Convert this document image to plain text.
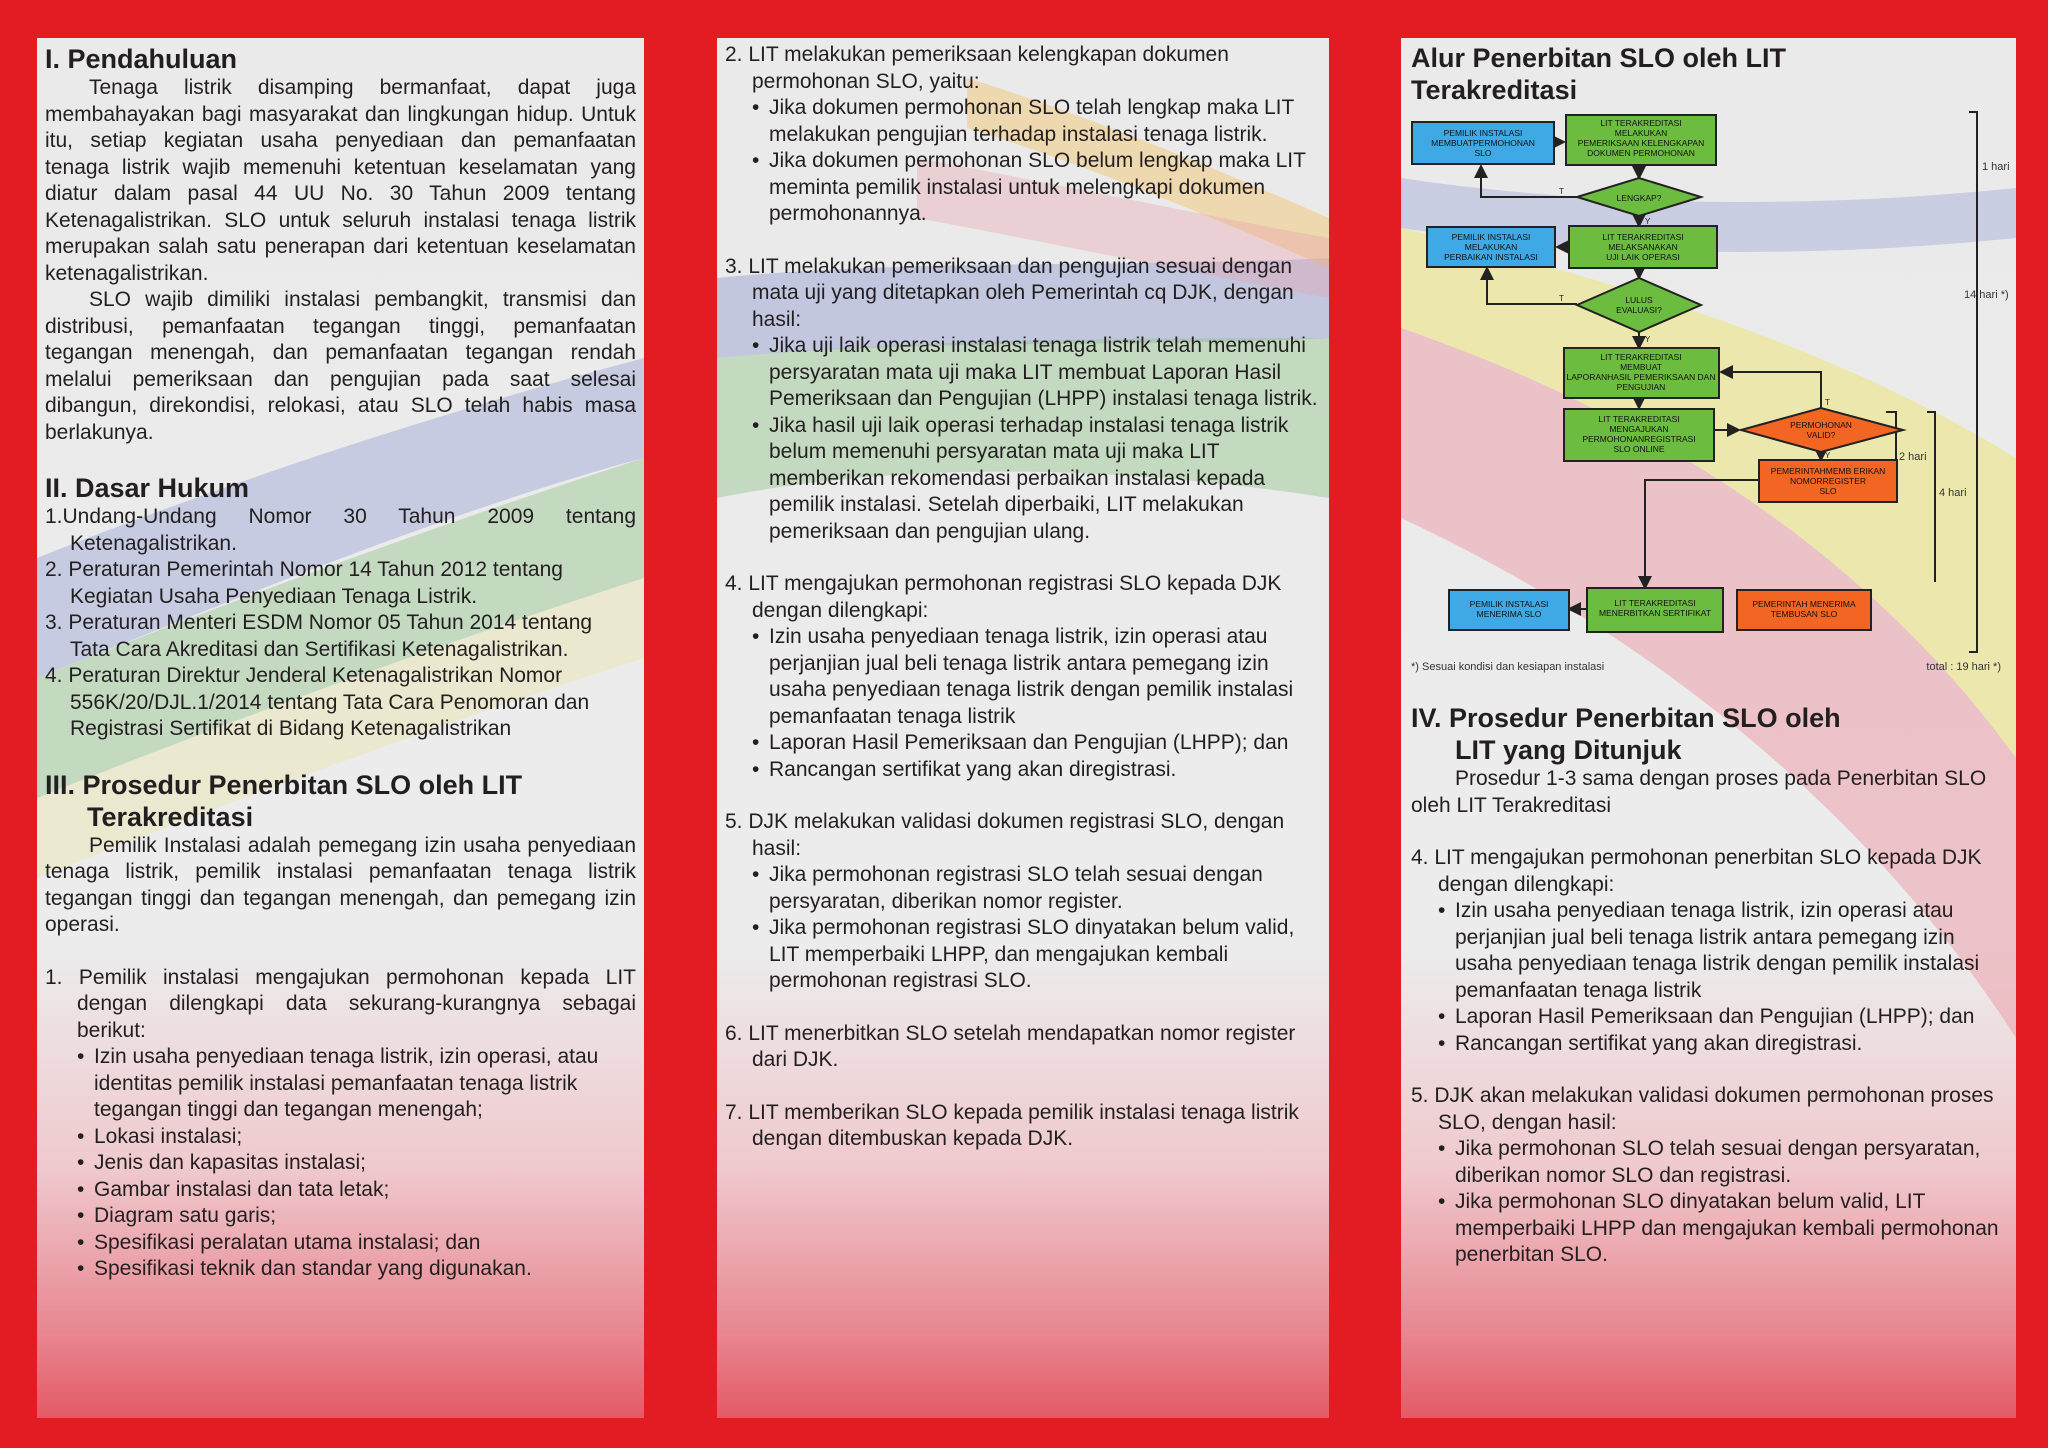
I. Pendahuluan

Tenaga listrik disamping bermanfaat, dapat juga membahayakan bagi masyarakat dan lingkungan hidup. Untuk itu, setiap kegiatan usaha penyediaan dan pemanfaatan tenaga listrik wajib memenuhi ketentuan keselamatan yang diatur dalam pasal 44 UU No. 30 Tahun 2009 tentang Ketenagalistrikan. SLO untuk seluruh instalasi tenaga listrik merupakan salah satu penerapan dari ketentuan keselamatan ketenagalistrikan.

SLO wajib dimiliki instalasi pembangkit, transmisi dan distribusi, pemanfaatan tegangan tinggi, pemanfaatan tegangan menengah, dan pemanfaatan tegangan rendah melalui pemeriksaan dan pengujian pada saat selesai dibangun, direkondisi, relokasi, atau SLO telah habis masa berlakunya.

II. Dasar Hukum
1.Undang-Undang Nomor 30 Tahun 2009 tentang Ketenagalistrikan.
2. Peraturan Pemerintah Nomor 14 Tahun 2012 tentang Kegiatan Usaha Penyediaan Tenaga Listrik.
3. Peraturan Menteri ESDM Nomor 05 Tahun 2014 tentang Tata Cara Akreditasi dan Sertifikasi Ketenagalistrikan.
4. Peraturan Direktur Jenderal Ketenagalistrikan Nomor 556K/20/DJL.1/2014 tentang Tata Cara Penomoran dan Registrasi Sertifikat di Bidang Ketenagalistrikan
III. Prosedur Penerbitan SLO oleh LIT
Terakreditasi

Pemilik Instalasi adalah pemegang izin usaha penyediaan tenaga listrik, pemilik instalasi pemanfaatan tenaga listrik tegangan tinggi dan tegangan menengah, dan pemegang izin operasi.

1. Pemilik instalasi mengajukan permohonan kepada LIT dengan dilengkapi data sekurang-kurangnya sebagai berikut:

• Izin usaha penyediaan tenaga listrik, izin operasi, atau identitas pemilik instalasi pemanfaatan tenaga listrik tegangan tinggi dan tegangan menengah;
• Lokasi instalasi;
• Jenis dan kapasitas instalasi;
• Gambar instalasi dan tata letak;
• Diagram satu garis;
• Spesifikasi peralatan utama instalasi; dan
• Spesifikasi teknik dan standar yang digunakan.

2. LIT melakukan pemeriksaan kelengkapan dokumen permohonan SLO, yaitu:

• Jika dokumen permohonan SLO telah lengkap maka LIT melakukan pengujian terhadap instalasi tenaga listrik.
• Jika dokumen permohonan SLO belum lengkap maka LIT meminta pemilik instalasi untuk melengkapi dokumen permohonannya.

3. LIT melakukan pemeriksaan dan pengujian sesuai dengan mata uji yang ditetapkan oleh Pemerintah cq DJK, dengan hasil:

• Jika uji laik operasi instalasi tenaga listrik telah memenuhi persyaratan mata uji maka LIT membuat Laporan Hasil Pemeriksaan dan Pengujian (LHPP) instalasi tenaga listrik.
• Jika hasil uji laik operasi terhadap instalasi tenaga listrik belum memenuhi persyaratan mata uji maka LIT memberikan rekomendasi perbaikan instalasi kepada pemilik instalasi. Setelah diperbaiki, LIT melakukan pemeriksaan dan pengujian ulang.

4. LIT mengajukan permohonan registrasi SLO kepada DJK dengan dilengkapi:

• Izin usaha penyediaan tenaga listrik, izin operasi atau perjanjian jual beli tenaga listrik antara pemegang izin usaha penyediaan tenaga listrik dengan pemilik instalasi pemanfaatan tenaga listrik
• Laporan Hasil Pemeriksaan dan Pengujian (LHPP); dan
• Rancangan sertifikat yang akan diregistrasi.

5. DJK melakukan validasi dokumen registrasi SLO, dengan hasil:

• Jika permohonan registrasi SLO telah sesuai dengan persyaratan, diberikan nomor register.
• Jika permohonan registrasi SLO dinyatakan belum valid, LIT memperbaiki LHPP, dan mengajukan kembali permohonan registrasi SLO.

6. LIT menerbitkan SLO setelah mendapatkan nomor register dari DJK.

7. LIT memberikan SLO kepada pemilik instalasi tenaga listrik dengan ditembuskan kepada DJK.

Alur Penerbitan SLO oleh LIT
Terakreditasi
PEMILIK INSTALASI
MEMBUATPERMOHONAN
SLO
LIT TERAKREDITASI
MELAKUKAN
PEMERIKSAAN KELENGKAPAN
DOKUMEN PERMOHONAN
LENGKAP?
PEMILIK INSTALASI
MELAKUKAN
PERBAIKAN INSTALASI
LIT TERAKREDITASI
MELAKSANAKAN
UJI LAIK OPERASI
LULUS
EVALUASI?
LIT TERAKREDITASI
MEMBUAT
LAPORANHASIL PEMERIKSAAN DAN
PENGUJIAN
LIT TERAKREDITASI
MENGAJUKAN
PERMOHONANREGISTRASI
SLO ONLINE
PERMOHONAN
VALID?
PEMERINTAHMEMB ERIKAN
NOMORREGISTER
SLO
PEMILIK INSTALASI
MENERIMA SLO
LIT TERAKREDITASI
MENERBITKAN SERTIFIKAT
PEMERINTAH MENERIMA
TEMBUSAN SLO
T
Y
T
Y
T
Y
1 hari
14 hari *)
2 hari
4 hari
*) Sesuai kondisi dan kesiapan instalasi	total : 19 hari *)
IV. Prosedur Penerbitan SLO oleh
LIT yang Ditunjuk

Prosedur 1-3 sama dengan proses pada Penerbitan SLO oleh LIT Terakreditasi

4. LIT mengajukan permohonan penerbitan SLO kepada DJK dengan dilengkapi:

• Izin usaha penyediaan tenaga listrik, izin operasi atau perjanjian jual beli tenaga listrik antara pemegang izin usaha penyediaan tenaga listrik dengan pemilik instalasi pemanfaatan tenaga listrik
• Laporan Hasil Pemeriksaan dan Pengujian (LHPP); dan
• Rancangan sertifikat yang akan diregistrasi.

5. DJK akan melakukan validasi dokumen permohonan proses SLO, dengan hasil:

• Jika permohonan SLO telah sesuai dengan persyaratan, diberikan nomor SLO dan registrasi.
• Jika permohonan SLO dinyatakan belum valid, LIT memperbaiki LHPP dan mengajukan kembali permohonan penerbitan SLO.
